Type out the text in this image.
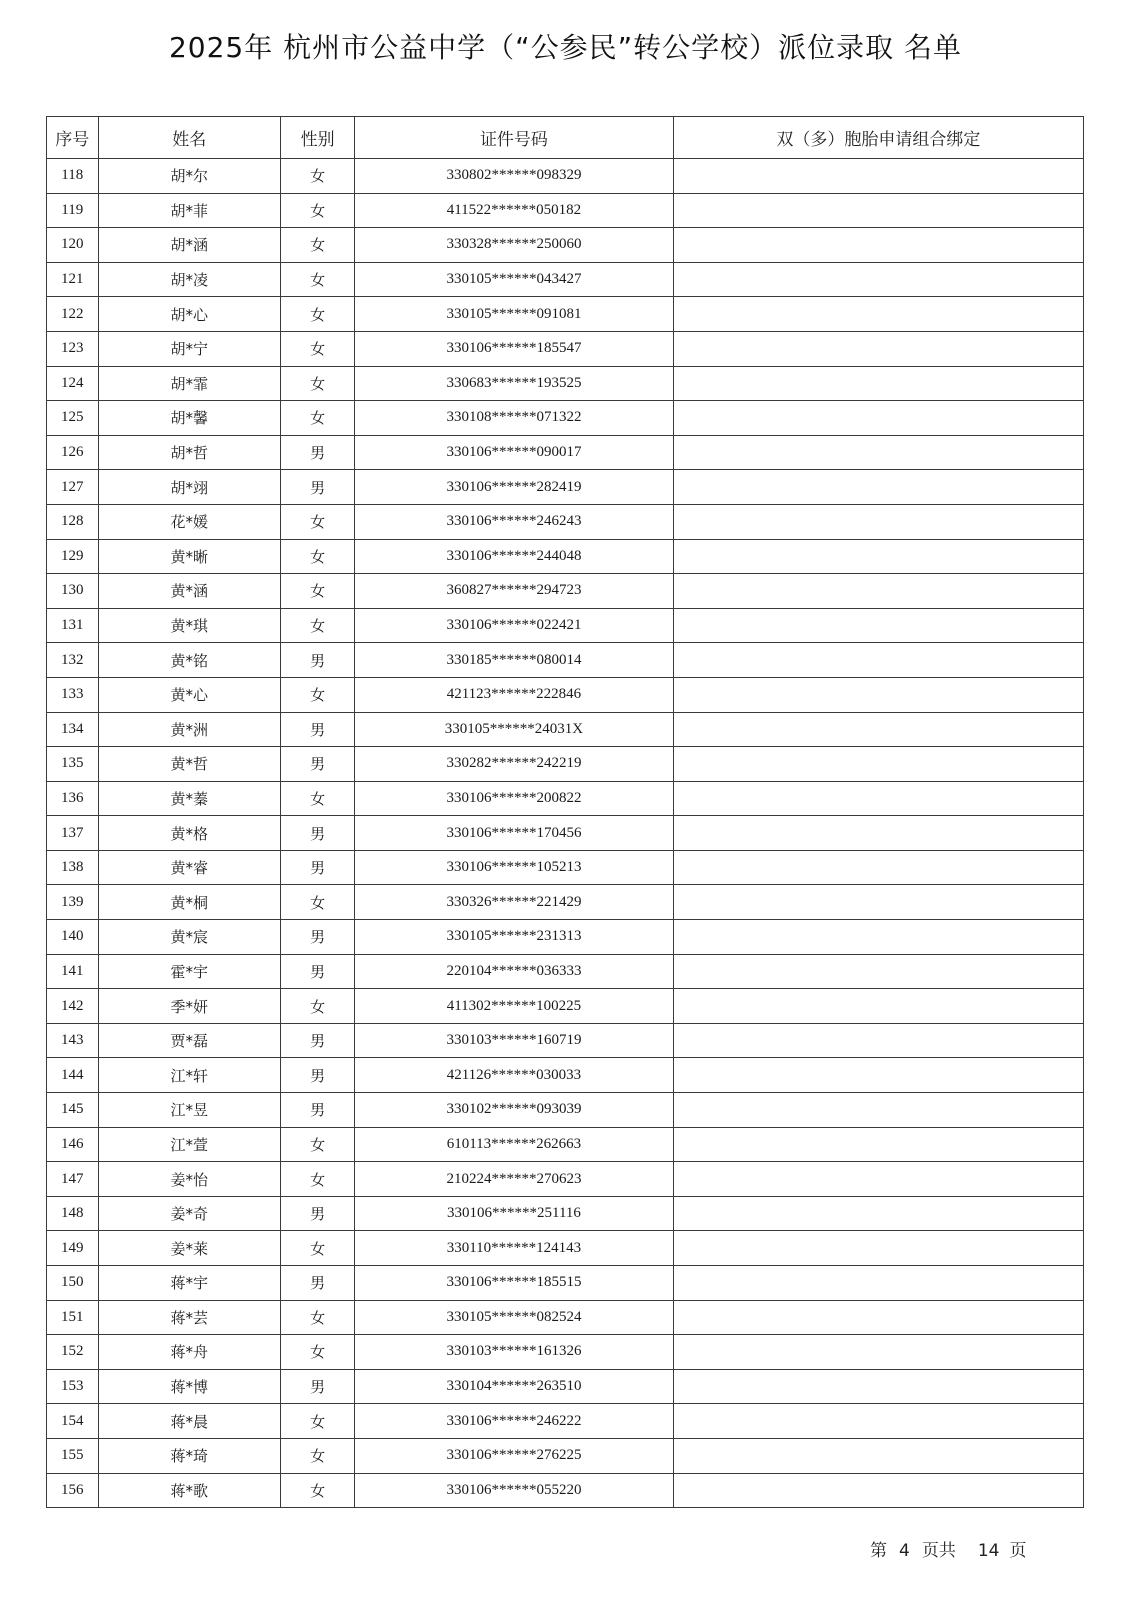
2025年 杭州市公益中学（“公参民”转公学校）派位录取 名单
序号	姓名	性别	证件号码	双（多）胞胎申请组合绑定
118	胡*尔	女	330802******098329	
119	胡*菲	女	411522******050182	
120	胡*涵	女	330328******250060	
121	胡*凌	女	330105******043427	
122	胡*心	女	330105******091081	
123	胡*宁	女	330106******185547	
124	胡*霏	女	330683******193525	
125	胡*馨	女	330108******071322	
126	胡*哲	男	330106******090017	
127	胡*翊	男	330106******282419	
128	花*媛	女	330106******246243	
129	黄*晰	女	330106******244048	
130	黄*涵	女	360827******294723	
131	黄*琪	女	330106******022421	
132	黄*铭	男	330185******080014	
133	黄*心	女	421123******222846	
134	黄*洲	男	330105******24031X	
135	黄*哲	男	330282******242219	
136	黄*蓁	女	330106******200822	
137	黄*格	男	330106******170456	
138	黄*睿	男	330106******105213	
139	黄*桐	女	330326******221429	
140	黄*宸	男	330105******231313	
141	霍*宇	男	220104******036333	
142	季*妍	女	411302******100225	
143	贾*磊	男	330103******160719	
144	江*轩	男	421126******030033	
145	江*昱	男	330102******093039	
146	江*萱	女	610113******262663	
147	姜*怡	女	210224******270623	
148	姜*奇	男	330106******251116	
149	姜*莱	女	330110******124143	
150	蒋*宇	男	330106******185515	
151	蒋*芸	女	330105******082524	
152	蒋*舟	女	330103******161326	
153	蒋*博	男	330104******263510	
154	蒋*晨	女	330106******246222	
155	蒋*琦	女	330106******276225	
156	蒋*歌	女	330106******055220	
第 4 页共 14 页
